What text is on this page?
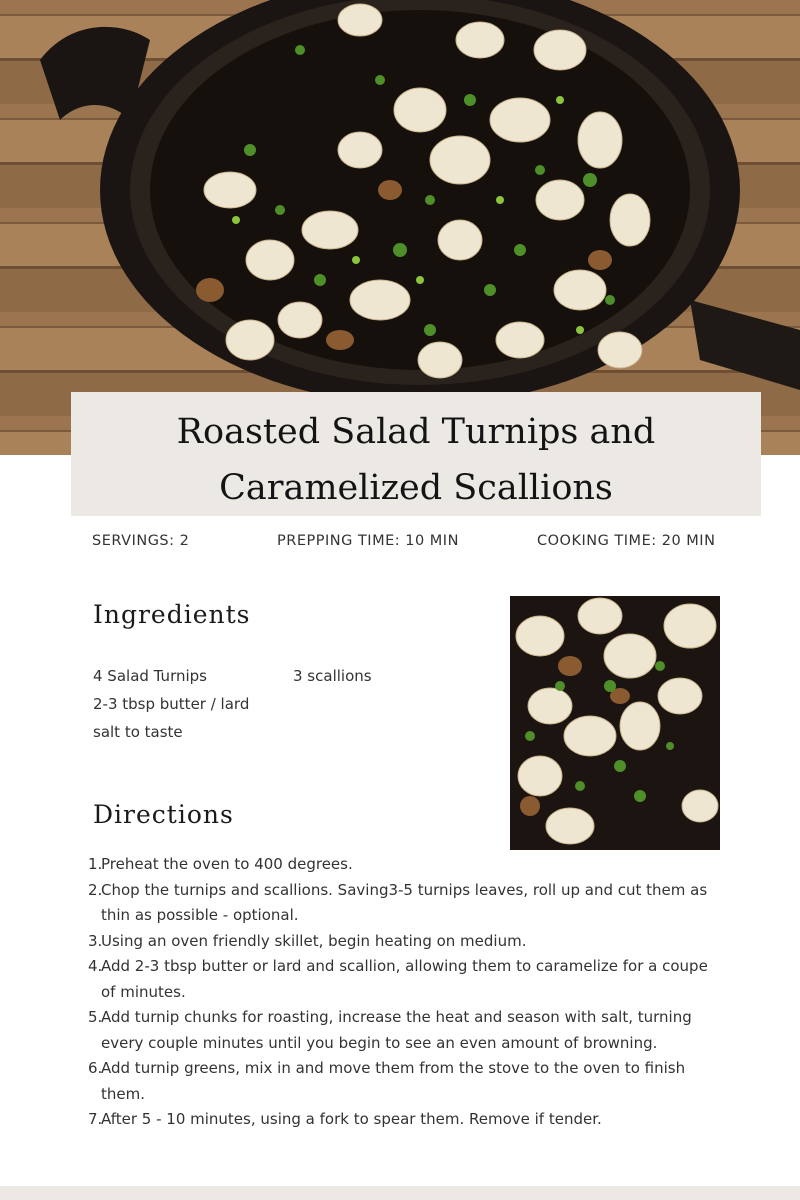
Roasted Salad Turnips and
Caramelized Scallions
SERVINGS: 2	PREPPING TIME: 10 MIN	COOKING TIME: 20 MIN
Ingredients
4 Salad Turnips	3 scallions
2-3 tbsp butter / lard
salt to taste
Directions
1.
Preheat the oven to 400 degrees.
2.
Chop the turnips and scallions. Saving3-5 turnips leaves, roll up and cut them as thin as possible - optional.
3.
Using an oven friendly skillet, begin heating on medium.
4.
Add 2-3 tbsp butter or lard and scallion, allowing them to caramelize for a coupe of minutes.
5.
Add turnip chunks for roasting, increase the heat and season with salt, turning every couple minutes until you begin to see an even amount of browning.
6.
Add turnip greens, mix in and move them from the stove to the oven to finish them.
7.
After 5 - 10 minutes, using a fork to spear them. Remove if tender.
